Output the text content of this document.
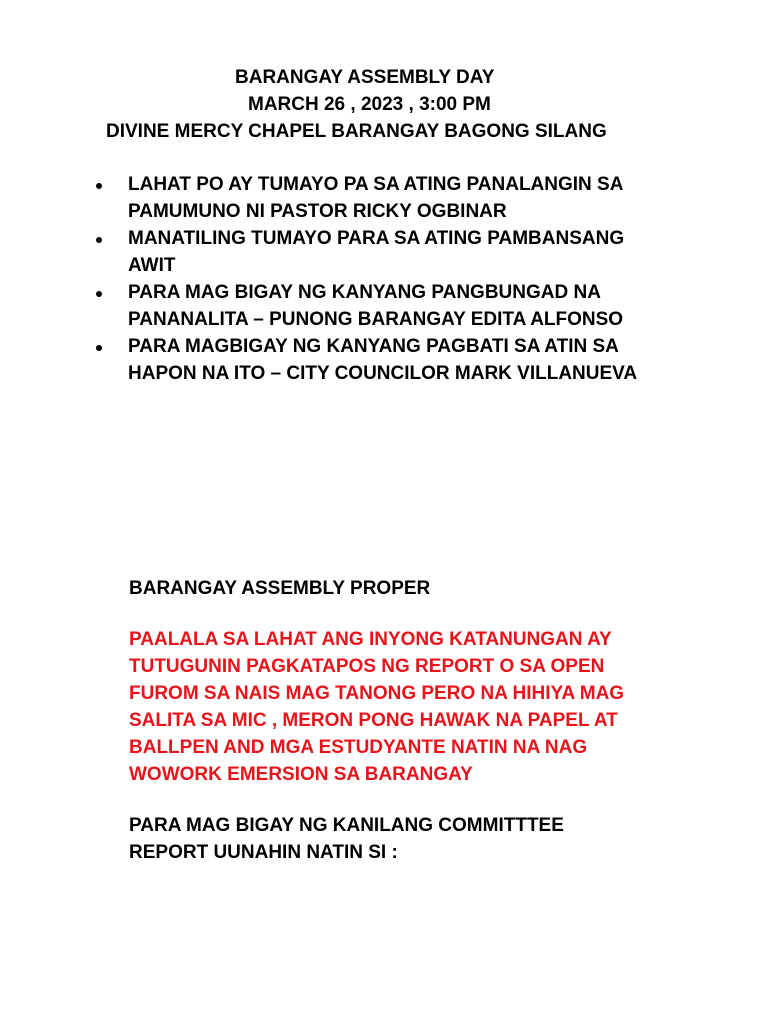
BARANGAY ASSEMBLY DAY
MARCH 26 , 2023 , 3:00 PM
DIVINE MERCY CHAPEL BARANGAY BAGONG SILANG
LAHAT PO AY TUMAYO PA SA ATING PANALANGIN SA
PAMUMUNO NI PASTOR RICKY OGBINAR
MANATILING TUMAYO PARA SA ATING PAMBANSANG
AWIT
PARA MAG BIGAY NG KANYANG PANGBUNGAD NA
PANANALITA – PUNONG BARANGAY EDITA ALFONSO
PARA MAGBIGAY NG KANYANG PAGBATI SA ATIN SA
HAPON NA ITO – CITY COUNCILOR MARK VILLANUEVA
BARANGAY ASSEMBLY PROPER
PAALALA SA LAHAT ANG INYONG KATANUNGAN AY
TUTUGUNIN PAGKATAPOS NG REPORT O SA OPEN
FUROM SA NAIS MAG TANONG PERO NA HIHIYA MAG
SALITA SA MIC , MERON PONG HAWAK NA PAPEL AT
BALLPEN AND MGA ESTUDYANTE NATIN NA NAG
WOWORK EMERSION SA BARANGAY
PARA MAG BIGAY NG KANILANG COMMITTTEE
REPORT UUNAHIN NATIN SI :
